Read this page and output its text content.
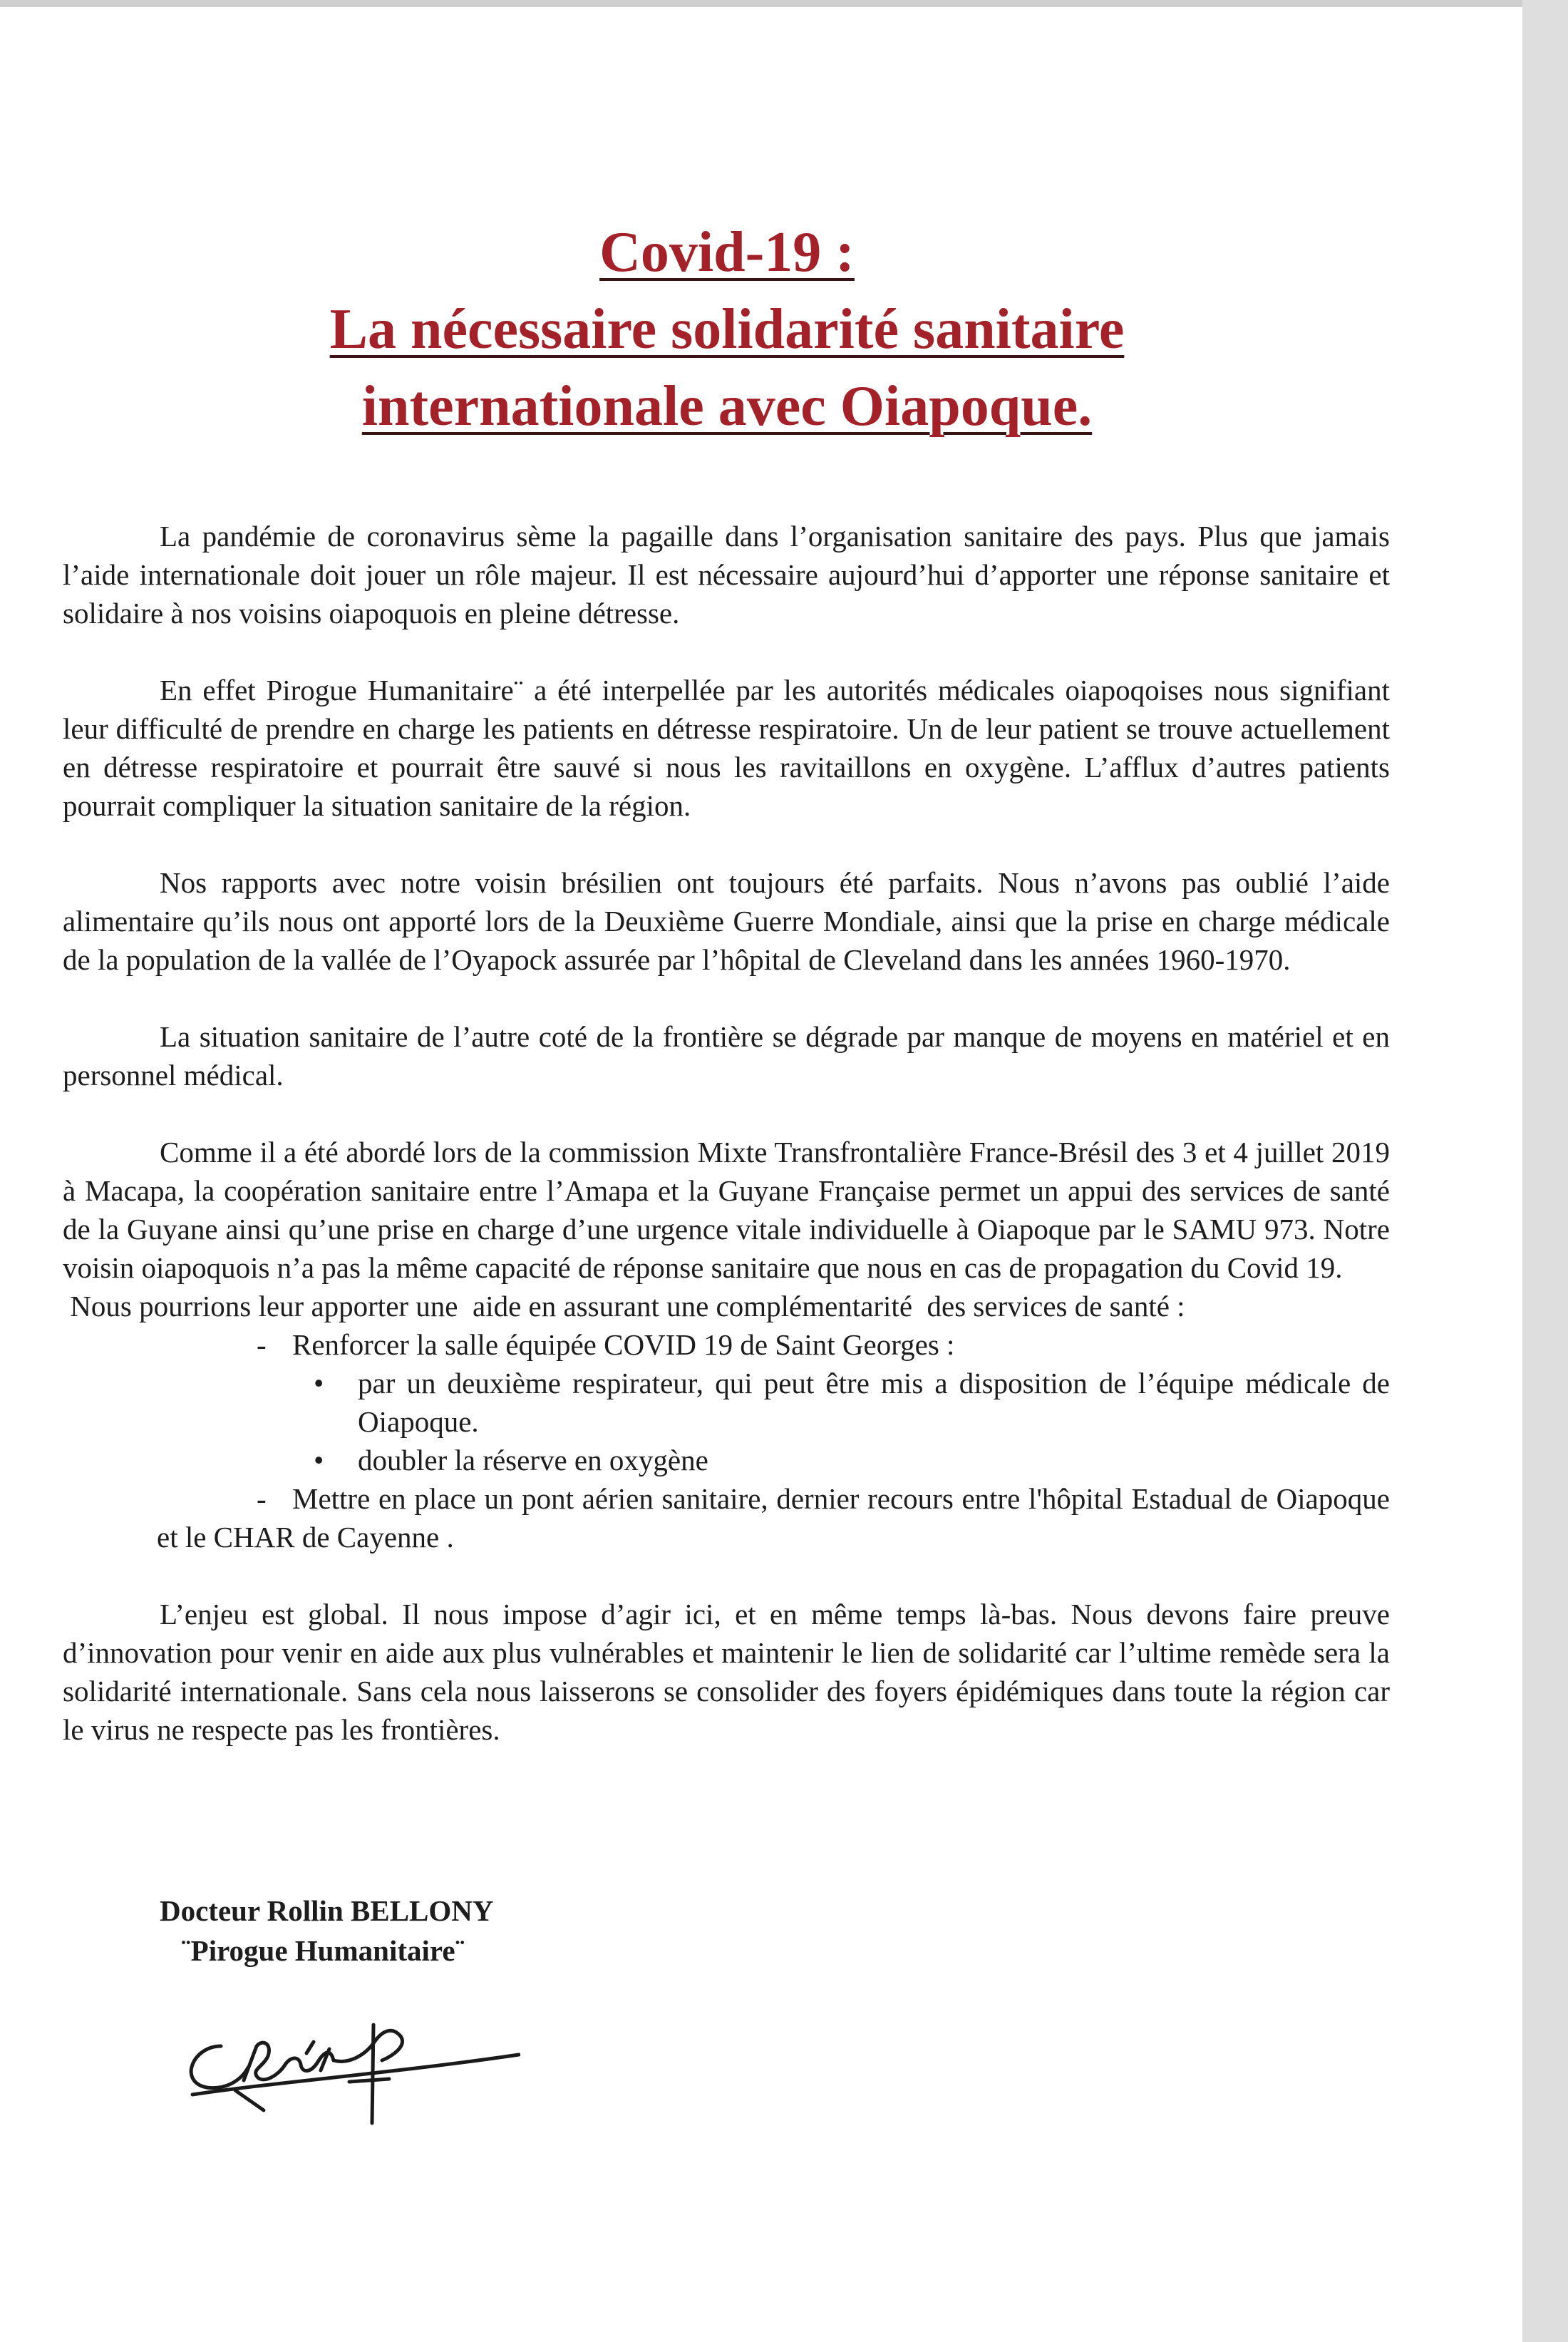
Covid-19 :
La nécessaire solidarité sanitaire
internationale avec Oiapoque.

La pandémie de coronavirus sème la pagaille dans l’organisation sanitaire des pays. Plus que jamais l’aide internationale doit jouer un rôle majeur. Il est nécessaire aujourd’hui d’apporter une réponse sanitaire et solidaire à nos voisins oiapoquois en pleine détresse.

En effet Pirogue Humanitaire¨ a été interpellée par les autorités médicales oiapoqoises nous signifiant leur difficulté de prendre en charge les patients en détresse respiratoire. Un de leur patient se trouve actuellement en détresse respiratoire et pourrait être sauvé si nous les ravitaillons en oxygène. L’afflux d’autres patients pourrait compliquer la situation sanitaire de la région.

Nos rapports avec notre voisin brésilien ont toujours été parfaits. Nous n’avons pas oublié l’aide alimentaire qu’ils nous ont apporté lors de la Deuxième Guerre Mondiale, ainsi que la prise en charge médicale de la population de la vallée de l’Oyapock assurée par l’hôpital de Cleveland dans les années 1960-1970.

La situation sanitaire de l’autre coté de la frontière se dégrade par manque de moyens en matériel et en personnel médical.

Comme il a été abordé lors de la commission Mixte Transfrontalière France-Brésil des 3 et 4 juillet 2019 à Macapa, la coopération sanitaire entre l’Amapa et la Guyane Française permet un appui des services de santé de la Guyane ainsi qu’une prise en charge d’une urgence vitale individuelle à Oiapoque par le SAMU 973. Notre voisin oiapoquois n’a pas la même capacité de réponse sanitaire que nous en cas de propagation du Covid 19.

Nous pourrions leur apporter une  aide en assurant une complémentarité  des services de santé :

- Renforcer la salle équipée COVID 19 de Saint Georges :
• par un deuxième respirateur, qui peut être mis a disposition de l’équipe médicale de Oiapoque.
• doubler la réserve en oxygène
- Mettre en place un pont aérien sanitaire, dernier recours entre l'hôpital Estadual de Oiapoque et le CHAR de Cayenne .

L’enjeu est global. Il nous impose d’agir ici, et en même temps là-bas. Nous devons faire preuve d’innovation pour venir en aide aux plus vulnérables et maintenir le lien de solidarité car l’ultime remède sera la solidarité internationale. Sans cela nous laisserons se consolider des foyers épidémiques dans toute la région car le virus ne respecte pas les frontières.

Docteur Rollin BELLONY
¨Pirogue Humanitaire¨
